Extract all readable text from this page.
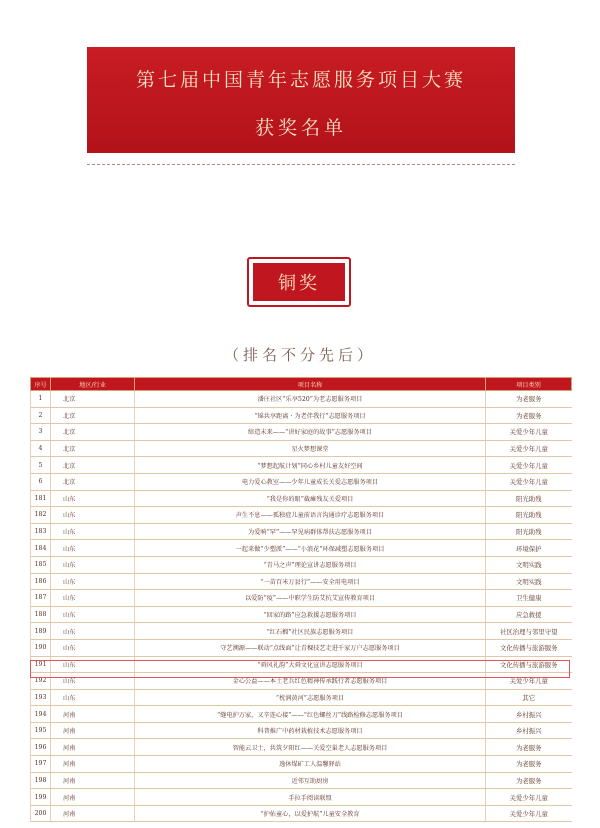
第七届中国青年志愿服务项目大赛
获奖名单
铜奖
（排名不分先后）
序号	地区/行业	项目名称	项目类别
1	北京	潘庄社区“乐享520”为老志愿服务项目	为老服务
2	北京	“锦共享距离 · 为老伴我行”志愿服务项目	为老服务
3	北京	缔造未来——“讲好家庭的故事”志愿服务项目	关爱少年儿童
4	北京	星火梦想课堂	关爱少年儿童
5	北京	“梦想起航计划”同心乡村儿童友好空间	关爱少年儿童
6	北京	电力爱心教室——少年儿童成长关爱志愿服务项目	关爱少年儿童
181	山东	“我是你的眼”截瘫残友关爱项目	阳光助残
182	山东	声生不息——孤独症儿童前语言沟通诊疗志愿服务项目	阳光助残
183	山东	为爱响“罕”——罕见病群体帮扶志愿服务项目	阳光助残
184	山东	一起来做“少塑派”——“小浪花”环保减塑志愿服务项目	环境保护
185	山东	“青马之声”理论宣讲志愿服务项目	文明实践
186	山东	“一苗百米万县行”——安全用电项目	文明实践
187	山东	以爱防“疫”——中职学生防艾抗艾宣传教育项目	卫生健康
188	山东	“回家的路”应急救援志愿服务项目	应急救援
189	山东	“红石榴”社区民族志愿服务项目	社区治理与邻里守望
190	山东	守艺溯源——联动“点线面”让青稞技艺走进千家万户志愿服务项目	文化传播与旅游服务
191	山东	“舜风礼韵”大舜文化宣讲志愿服务项目	文化传播与旅游服务
192	山东	金心公益——本土老兵红色精神传承践行者志愿服务项目	关爱少年儿童
193	山东	“枕润黄河”志愿服务项目	其它
194	河南	“缝电护万家，又辛连心接”——“红色螺丝刀”线路检修志愿服务项目	乡村振兴
195	河南	科普推广中药材栽植技术志愿服务项目	乡村振兴
196	河南	智能云卫士，共筑夕阳红——关爱空巢老人志愿服务项目	为老服务
197	河南	逸休煤矿工人温馨驿站	为老服务
198	河南	近邻互助厨房	为老服务
199	河南	手拉手阅读联盟	关爱少年儿童
200	河南	“护佑童心，以爱护航”儿童安全教育	关爱少年儿童
